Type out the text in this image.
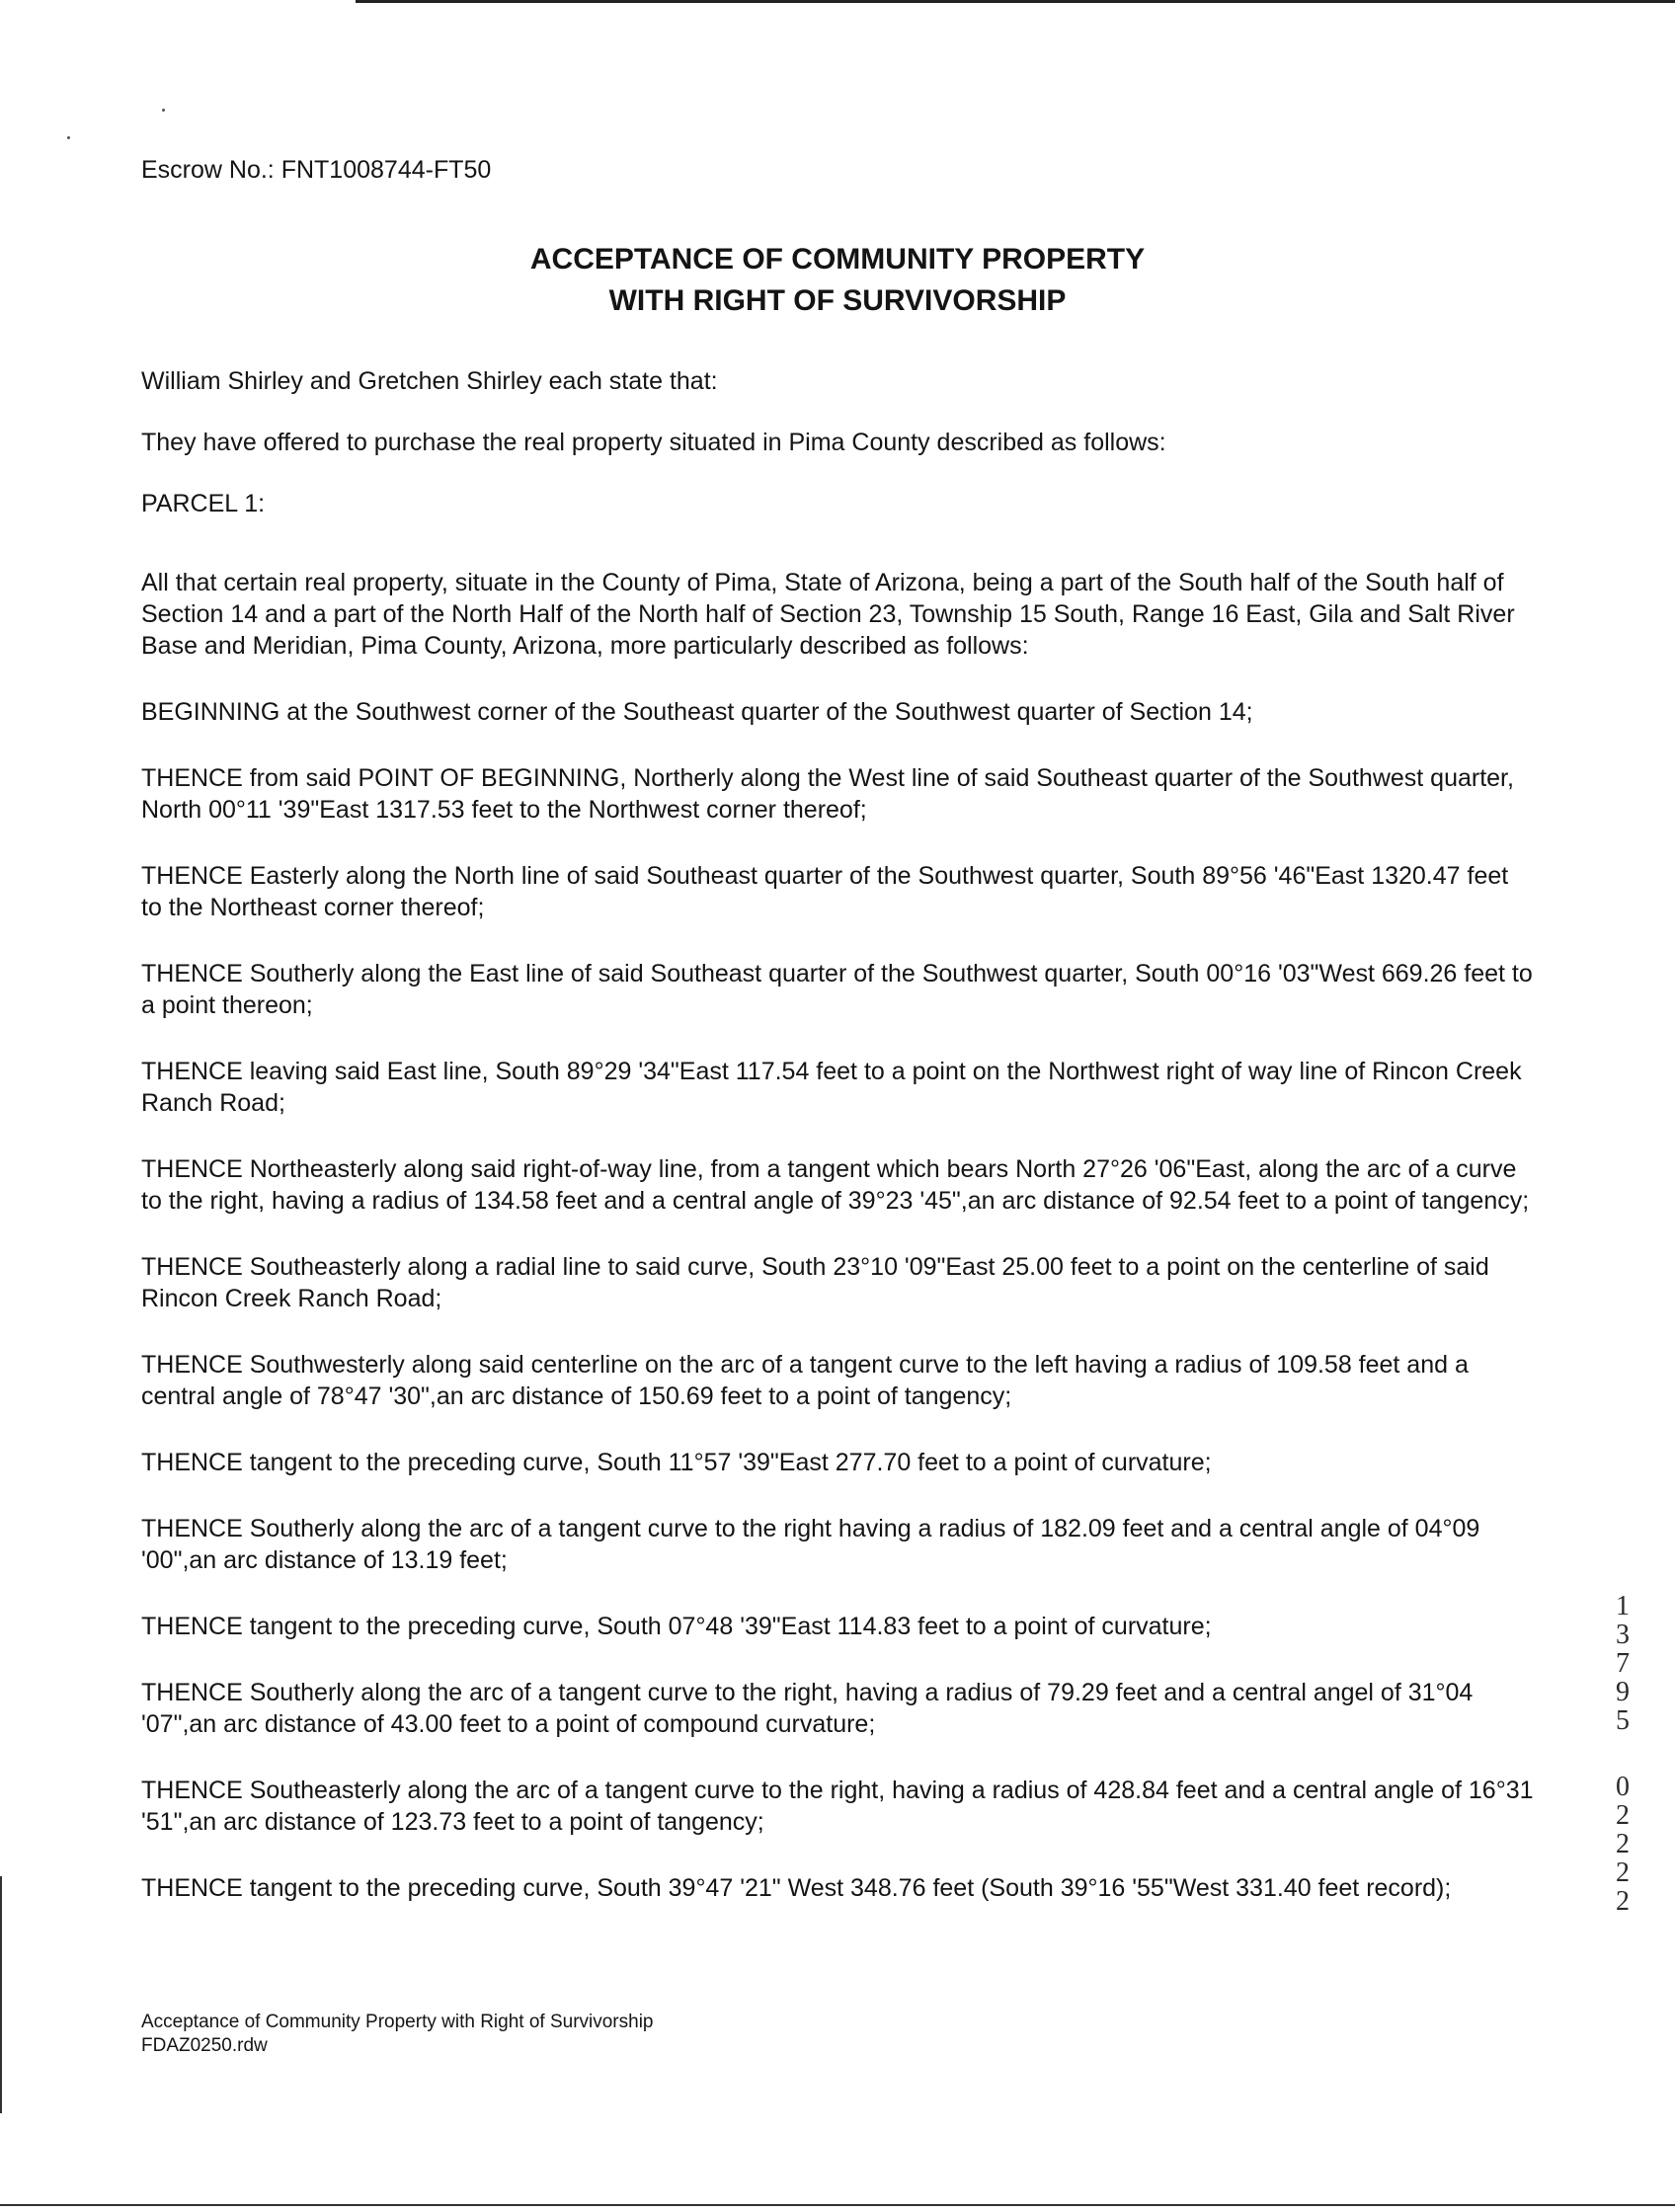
Escrow No.: FNT1008744-FT50
ACCEPTANCE OF COMMUNITY PROPERTY
WITH RIGHT OF SURVIVORSHIP

William Shirley and Gretchen Shirley each state that:

They have offered to purchase the real property situated in Pima County described as follows:

PARCEL 1:

All that certain real property, situate in the County of Pima, State of Arizona, being a part of the South half of the South half of Section 14 and a part of the North Half of the North half of Section 23, Township 15 South, Range 16 East, Gila and Salt River Base and Meridian, Pima County, Arizona, more particularly described as follows:

BEGINNING at the Southwest corner of the Southeast quarter of the Southwest quarter of Section 14;

THENCE from said POINT OF BEGINNING, Northerly along the West line of said Southeast quarter of the Southwest quarter, North 00°11 '39"East 1317.53 feet to the Northwest corner thereof;

THENCE Easterly along the North line of said Southeast quarter of the Southwest quarter, South 89°56 '46"East 1320.47 feet to the Northeast corner thereof;

THENCE Southerly along the East line of said Southeast quarter of the Southwest quarter, South 00°16 '03"West 669.26 feet to a point thereon;

THENCE leaving said East line, South 89°29 '34"East 117.54 feet to a point on the Northwest right of way line of Rincon Creek Ranch Road;

THENCE Northeasterly along said right-of-way line, from a tangent which bears North 27°26 '06"East, along the arc of a curve to the right, having a radius of 134.58 feet and a central angle of 39°23 '45",an arc distance of 92.54 feet to a point of tangency;

THENCE Southeasterly along a radial line to said curve, South 23°10 '09"East 25.00 feet to a point on the centerline of said Rincon Creek Ranch Road;

THENCE Southwesterly along said centerline on the arc of a tangent curve to the left having a radius of 109.58 feet and a central angle of 78°47 '30",an arc distance of 150.69 feet to a point of tangency;

THENCE tangent to the preceding curve, South 11°57 '39"East 277.70 feet to a point of curvature;

THENCE Southerly along the arc of a tangent curve to the right having a radius of 182.09 feet and a central angle of 04°09 '00",an arc distance of 13.19 feet;

THENCE tangent to the preceding curve, South 07°48 '39"East 114.83 feet to a point of curvature;

THENCE Southerly along the arc of a tangent curve to the right, having a radius of 79.29 feet and a central angel of 31°04 '07",an arc distance of 43.00 feet to a point of compound curvature;

THENCE Southeasterly along the arc of a tangent curve to the right, having a radius of 428.84 feet and a central angle of 16°31 '51",an arc distance of 123.73 feet to a point of tangency;

THENCE tangent to the preceding curve, South 39°47 '21" West 348.76 feet (South 39°16 '55"West 331.40 feet record);

Acceptance of Community Property with Right of Survivorship
FDAZ0250.rdw
1
3
7
9
5
0
2
2
2
2
